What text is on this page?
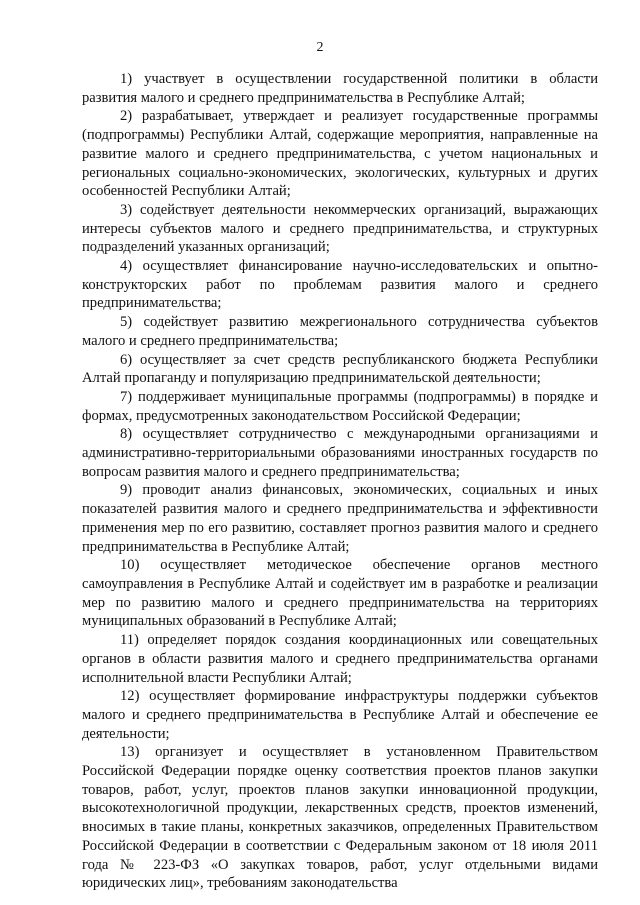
2

1) участвует в осуществлении государственной политики в области развития малого и среднего предпринимательства в Республике Алтай;

2) разрабатывает, утверждает и реализует государственные программы (подпрограммы) Республики Алтай, содержащие мероприятия, направленные на развитие малого и среднего предпринимательства, с учетом национальных и региональных социально-экономических, экологических, культурных и других особенностей Республики Алтай;

3) содействует деятельности некоммерческих организаций, выражающих интересы субъектов малого и среднего предпринимательства, и структурных подразделений указанных организаций;

4) осуществляет финансирование научно-исследовательских и опытно-конструкторских работ по проблемам развития малого и среднего предпринимательства;

5) содействует развитию межрегионального сотрудничества субъектов малого и среднего предпринимательства;

6) осуществляет за счет средств республиканского бюджета Республики Алтай пропаганду и популяризацию предпринимательской деятельности;

7) поддерживает муниципальные программы (подпрограммы) в порядке и формах, предусмотренных законодательством Российской Федерации;

8) осуществляет сотрудничество с международными организациями и административно-территориальными образованиями иностранных государств по вопросам развития малого и среднего предпринимательства;

9) проводит анализ финансовых, экономических, социальных и иных показателей развития малого и среднего предпринимательства и эффективности применения мер по его развитию, составляет прогноз развития малого и среднего предпринимательства в Республике Алтай;

10) осуществляет методическое обеспечение органов местного самоуправления в Республике Алтай и содействует им в разработке и реализации мер по развитию малого и среднего предпринимательства на территориях муниципальных образований в Республике Алтай;

11) определяет порядок создания координационных или совещательных органов в области развития малого и среднего предпринимательства органами исполнительной власти Республики Алтай;

12) осуществляет формирование инфраструктуры поддержки субъектов малого и среднего предпринимательства в Республике Алтай и обеспечение ее деятельности;

13) организует и осуществляет в установленном Правительством Российской Федерации порядке оценку соответствия проектов планов закупки товаров, работ, услуг, проектов планов закупки инновационной продукции, высокотехнологичной продукции, лекарственных средств, проектов изменений, вносимых в такие планы, конкретных заказчиков, определенных Правительством Российской Федерации в соответствии с Федеральным законом от 18 июля 2011 года № 223-ФЗ «О закупках товаров, работ, услуг отдельными видами юридических лиц», требованиям законодательства
